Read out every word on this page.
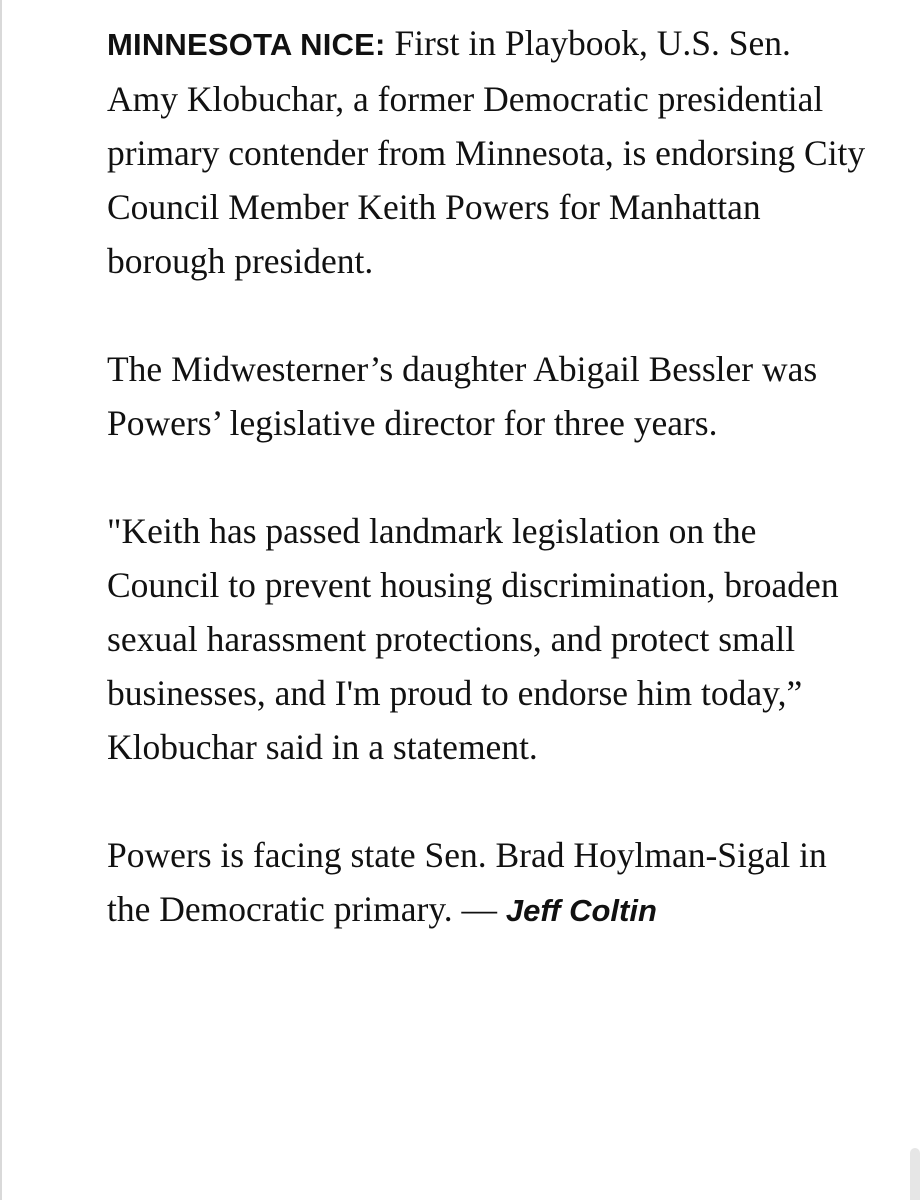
MINNESOTA NICE: First in Playbook, U.S. Sen. Amy Klobuchar, a former Democratic presidential primary contender from Minnesota, is endorsing City Council Member Keith Powers for Manhattan borough president.

The Midwesterner’s daughter Abigail Bessler was Powers’ legislative director for three years.

"Keith has passed landmark legislation on the Council to prevent housing discrimination, broaden sexual harassment protections, and protect small businesses, and I'm proud to endorse him today,” Klobuchar said in a statement.

Powers is facing state Sen. Brad Hoylman-Sigal in the Democratic primary. — Jeff Coltin
